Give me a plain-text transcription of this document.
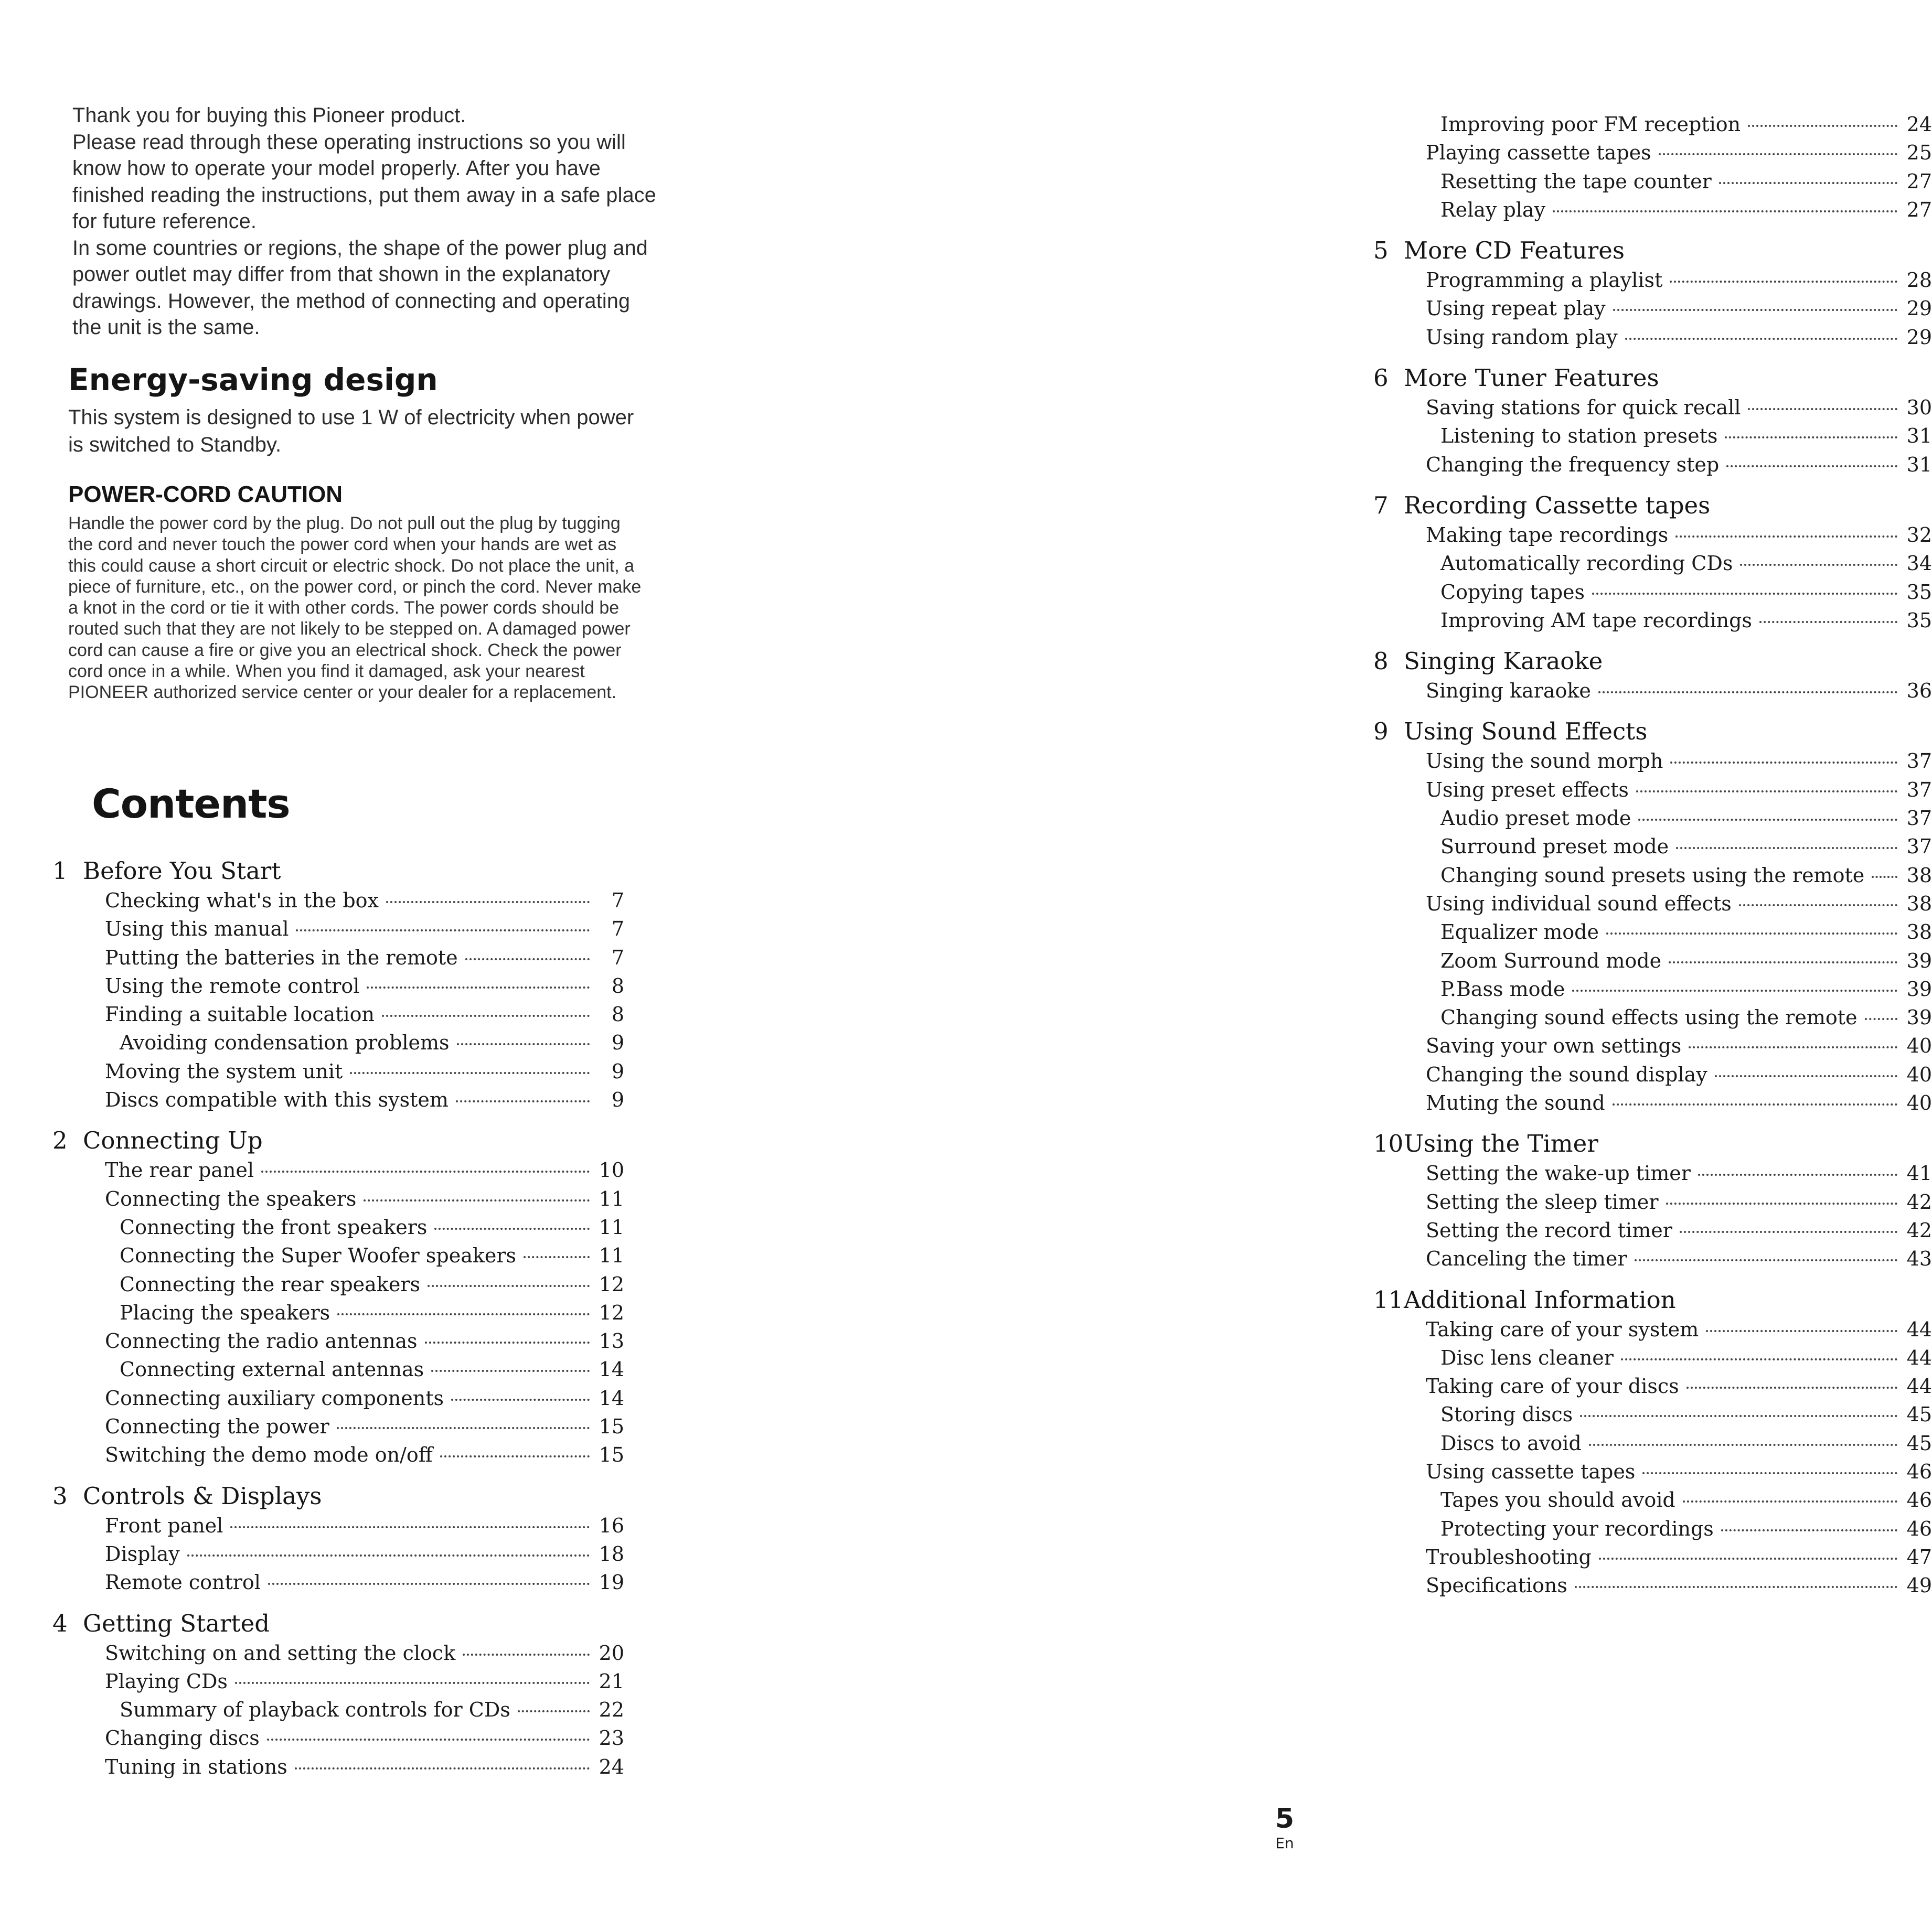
Thank you for buying this Pioneer product.

Please read through these operating instructions so you will know how to operate your model properly. After you have finished reading the instructions, put them away in a safe place for future reference.

In some countries or regions, the shape of the power plug and power outlet may differ from that shown in the explanatory drawings. However, the method of connecting and operating the unit is the same.

Energy-saving design

This system is designed to use 1 W of electricity when power is switched to Standby.

POWER-CORD CAUTION

Handle the power cord by the plug. Do not pull out the plug by tugging the cord and never touch the power cord when your hands are wet as this could cause a short circuit or electric shock. Do not place the unit, a piece of furniture, etc., on the power cord, or pinch the cord. Never make a knot in the cord or tie it with other cords. The power cords should be routed such that they are not likely to be stepped on. A damaged power cord can cause a fire or give you an electrical shock. Check the power cord once in a while. When you find it damaged, ask your nearest PIONEER authorized service center or your dealer for a replacement.

Contents
1 Before You Start
Checking what's in the box	7
Using this manual	7
Putting the batteries in the remote	7
Using the remote control	8
Finding a suitable location	8
Avoiding condensation problems	9
Moving the system unit	9
Discs compatible with this system	9
2 Connecting Up
The rear panel	10
Connecting the speakers	11
Connecting the front speakers	11
Connecting the Super Woofer speakers	11
Connecting the rear speakers	12
Placing the speakers	12
Connecting the radio antennas	13
Connecting external antennas	14
Connecting auxiliary components	14
Connecting the power	15
Switching the demo mode on/off	15
3 Controls & Displays
Front panel	16
Display	18
Remote control	19
4 Getting Started
Switching on and setting the clock	20
Playing CDs	21
Summary of playback controls for CDs	22
Changing discs	23
Tuning in stations	24
Improving poor FM reception	24
Playing cassette tapes	25
Resetting the tape counter	27
Relay play	27
5 More CD Features
Programming a playlist	28
Using repeat play	29
Using random play	29
6 More Tuner Features
Saving stations for quick recall	30
Listening to station presets	31
Changing the frequency step	31
7 Recording Cassette tapes
Making tape recordings	32
Automatically recording CDs	34
Copying tapes	35
Improving AM tape recordings	35
8 Singing Karaoke
Singing karaoke	36
9 Using Sound Effects
Using the sound morph	37
Using preset effects	37
Audio preset mode	37
Surround preset mode	37
Changing sound presets using the remote 38
Using individual sound effects	38
Equalizer mode	38
Zoom Surround mode	39
P.Bass mode	39
Changing sound effects using the remote 39
Saving your own settings	40
Changing the sound display	40
Muting the sound	40
10 Using the Timer
Setting the wake-up timer	41
Setting the sleep timer	42
Setting the record timer	42
Canceling the timer	43
11 Additional Information
Taking care of your system	44
Disc lens cleaner	44
Taking care of your discs	44
Storing discs	45
Discs to avoid	45
Using cassette tapes	46
Tapes you should avoid	46
Protecting your recordings	46
Troubleshooting	47
Specifications	49
5
En
